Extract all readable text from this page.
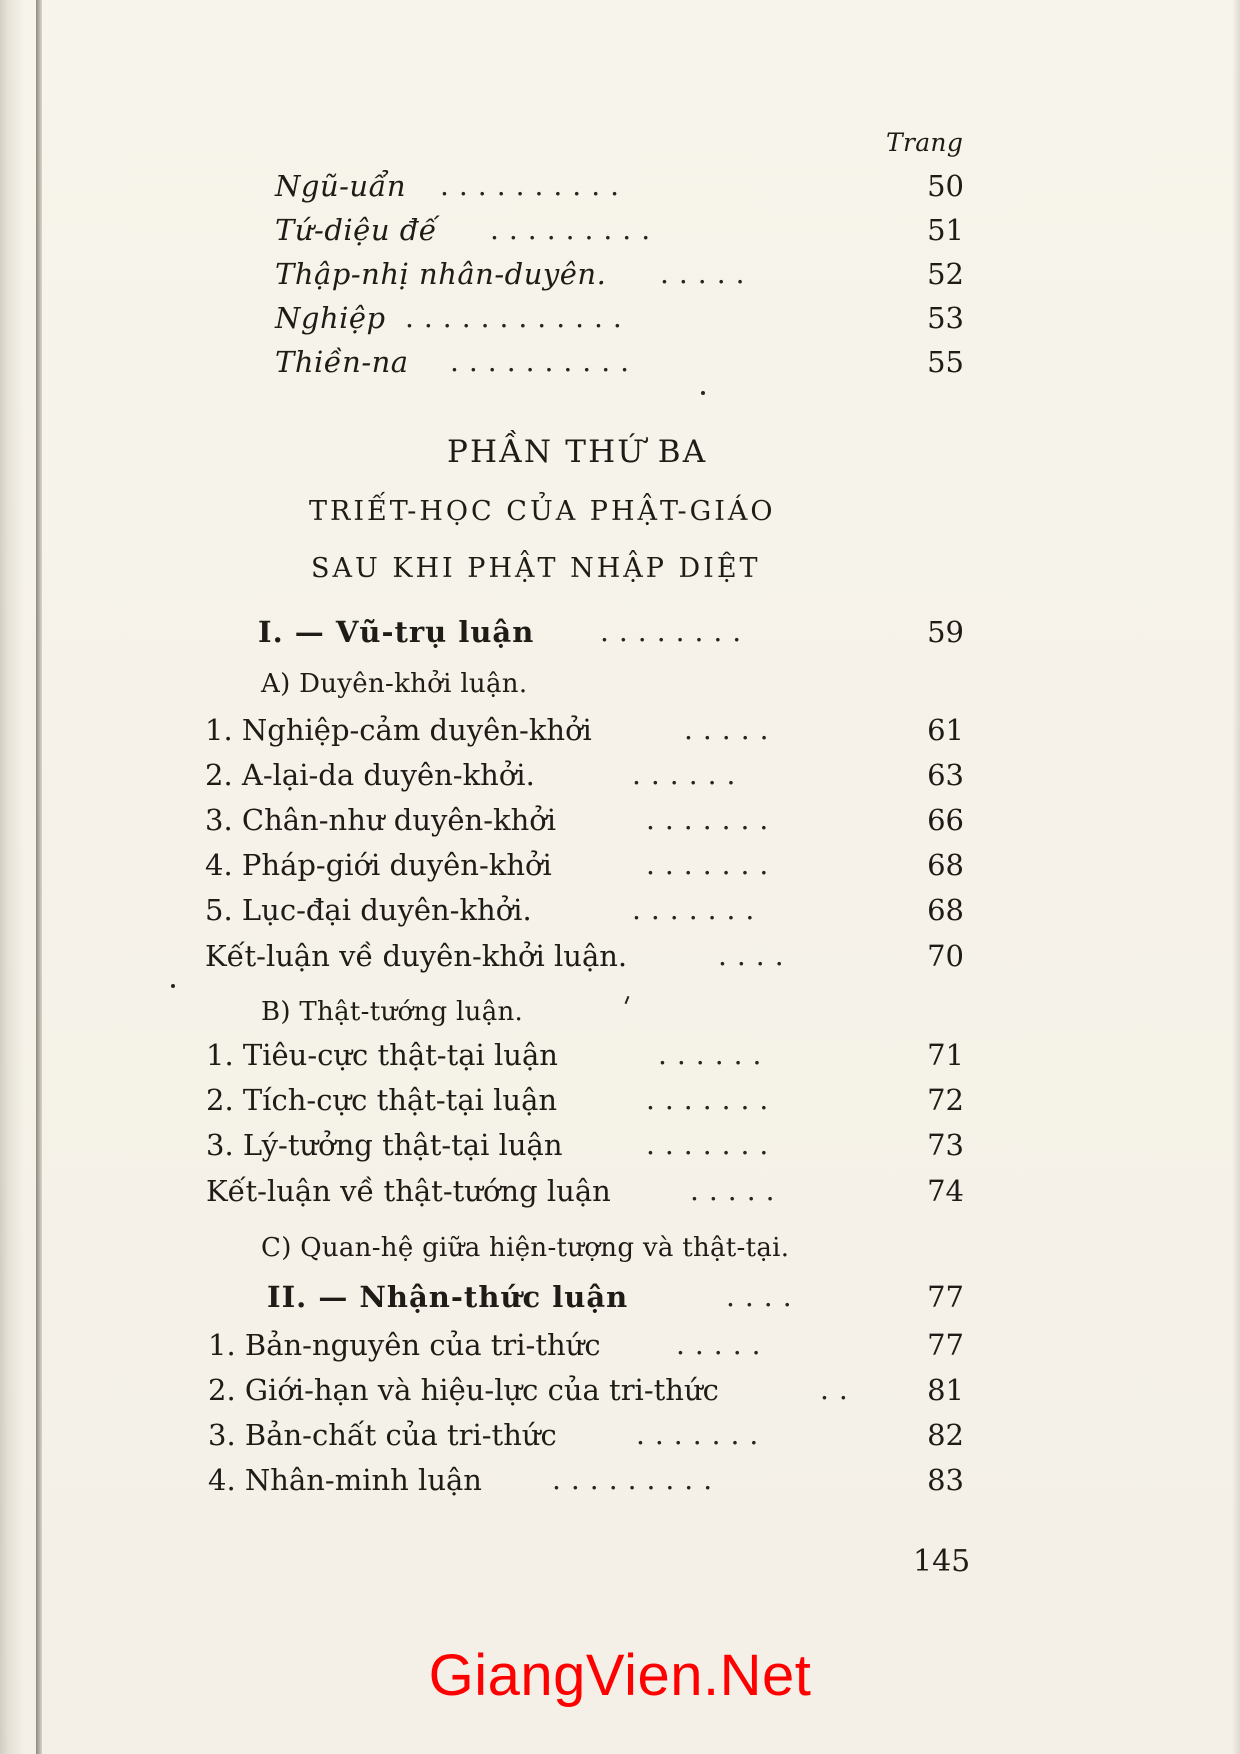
Trang
Ngũ-uẩn ..........	50
Tứ-diệu đế .........	51
Thập-nhị nhân-duyên. .....	52
Nghiệp ............	53
Thiền-na ..........	55
PHẦN THỨ BA
TRIẾT-HỌC CỦA PHẬT-GIÁO
SAU KHI PHẬT NHẬP DIỆT
I. — Vũ-trụ luận ........	59
A) Duyên-khởi luận.
1. Nghiệp-cảm duyên-khởi	.....	61
2. A-lại-da duyên-khởi.	......	63
3. Chân-như duyên-khởi	.......	66
4. Pháp-giới duyên-khởi	.......	68
5. Lục-đại duyên-khởi.	.......	68
Kết-luận về duyên-khởi luận.	....	70
B) Thật-tướng luận.
1. Tiêu-cực thật-tại luận	......	71
2. Tích-cực thật-tại luận	.......	72
3. Lý-tưởng thật-tại luận	.......	73
Kết-luận về thật-tướng luận	.....	74
C) Quan-hệ giữa hiện-tượng và thật-tại.
II. — Nhận-thức luận	....	77
1. Bản-nguyên của tri-thức	.....	77
2. Giới-hạn và hiệu-lực của tri-thức	..	81
3. Bản-chất của tri-thức	.......	82
4. Nhân-minh luận	.........	83
145
GiangVien.Net
